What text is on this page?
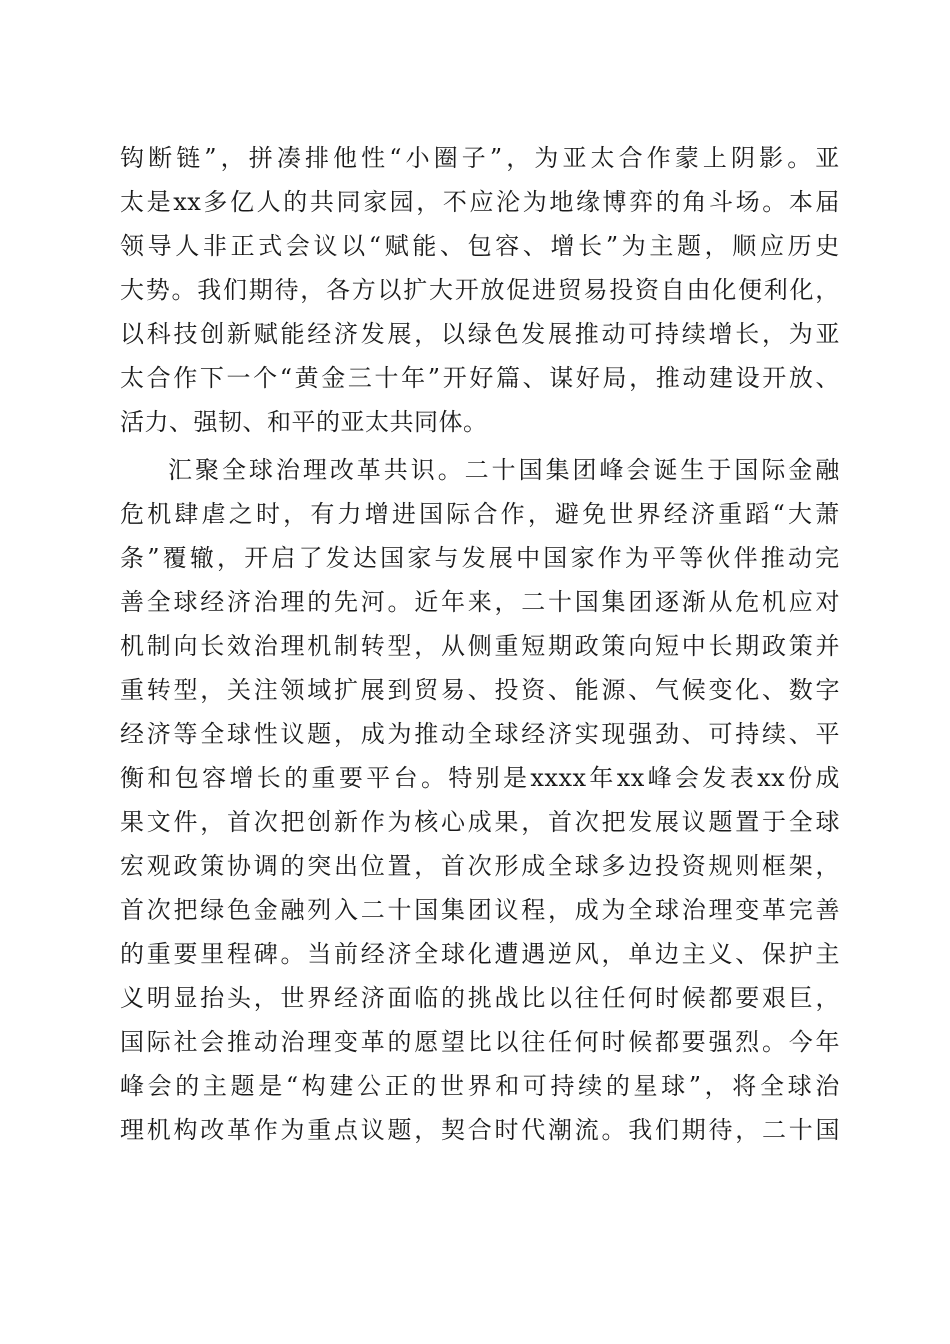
钩 断 链 ” ， 拼 凑 排 他 性 “ 小 圈 子 ” ， 为 亚 太 合 作 蒙 上 阴 影 。 亚
太 是 xx 多 亿 人 的 共 同 家 园 ， 不 应 沦 为 地 缘 博 弈 的 角 斗 场 。 本 届
领 导 人 非 正 式 会 议 以 “ 赋 能 、 包 容 、 增 长 ” 为 主 题 ， 顺 应 历 史
大 势 。 我 们 期 待 ， 各 方 以 扩 大 开 放 促 进 贸 易 投 资 自 由 化 便 利 化 ，
以 科 技 创 新 赋 能 经 济 发 展 ， 以 绿 色 发 展 推 动 可 持 续 增 长 ， 为 亚
太 合 作 下 一 个 “ 黄 金 三 十 年 ” 开 好 篇 、 谋 好 局 ， 推 动 建 设 开 放 、
活力、强韧、和平的亚太共同体。
汇 聚 全 球 治 理 改 革 共 识 。 二 十 国 集 团 峰 会 诞 生 于 国 际 金 融
危 机 肆 虐 之 时 ， 有 力 增 进 国 际 合 作 ， 避 免 世 界 经 济 重 蹈 “ 大 萧
条 ” 覆 辙 ， 开 启 了 发 达 国 家 与 发 展 中 国 家 作 为 平 等 伙 伴 推 动 完
善 全 球 经 济 治 理 的 先 河 。 近 年 来 ， 二 十 国 集 团 逐 渐 从 危 机 应 对
机 制 向 长 效 治 理 机 制 转 型 ， 从 侧 重 短 期 政 策 向 短 中 长 期 政 策 并
重 转 型 ， 关 注 领 域 扩 展 到 贸 易 、 投 资 、 能 源 、 气 候 变 化 、 数 字
经 济 等 全 球 性 议 题 ， 成 为 推 动 全 球 经 济 实 现 强 劲 、 可 持 续 、 平
衡 和 包 容 增 长 的 重 要 平 台 。 特 别 是 xxxx 年 xx 峰 会 发 表 xx 份 成
果 文 件 ， 首 次 把 创 新 作 为 核 心 成 果 ， 首 次 把 发 展 议 题 置 于 全 球
宏 观 政 策 协 调 的 突 出 位 置 ， 首 次 形 成 全 球 多 边 投 资 规 则 框 架 ，
首 次 把 绿 色 金 融 列 入 二 十 国 集 团 议 程 ， 成 为 全 球 治 理 变 革 完 善
的 重 要 里 程 碑 。 当 前 经 济 全 球 化 遭 遇 逆 风 ， 单 边 主 义 、 保 护 主
义 明 显 抬 头 ， 世 界 经 济 面 临 的 挑 战 比 以 往 任 何 时 候 都 要 艰 巨 ，
国 际 社 会 推 动 治 理 变 革 的 愿 望 比 以 往 任 何 时 候 都 要 强 烈 。 今 年
峰 会 的 主 题 是 “ 构 建 公 正 的 世 界 和 可 持 续 的 星 球 ” ， 将 全 球 治
理 机 构 改 革 作 为 重 点 议 题 ， 契 合 时 代 潮 流 。 我 们 期 待 ， 二 十 国
